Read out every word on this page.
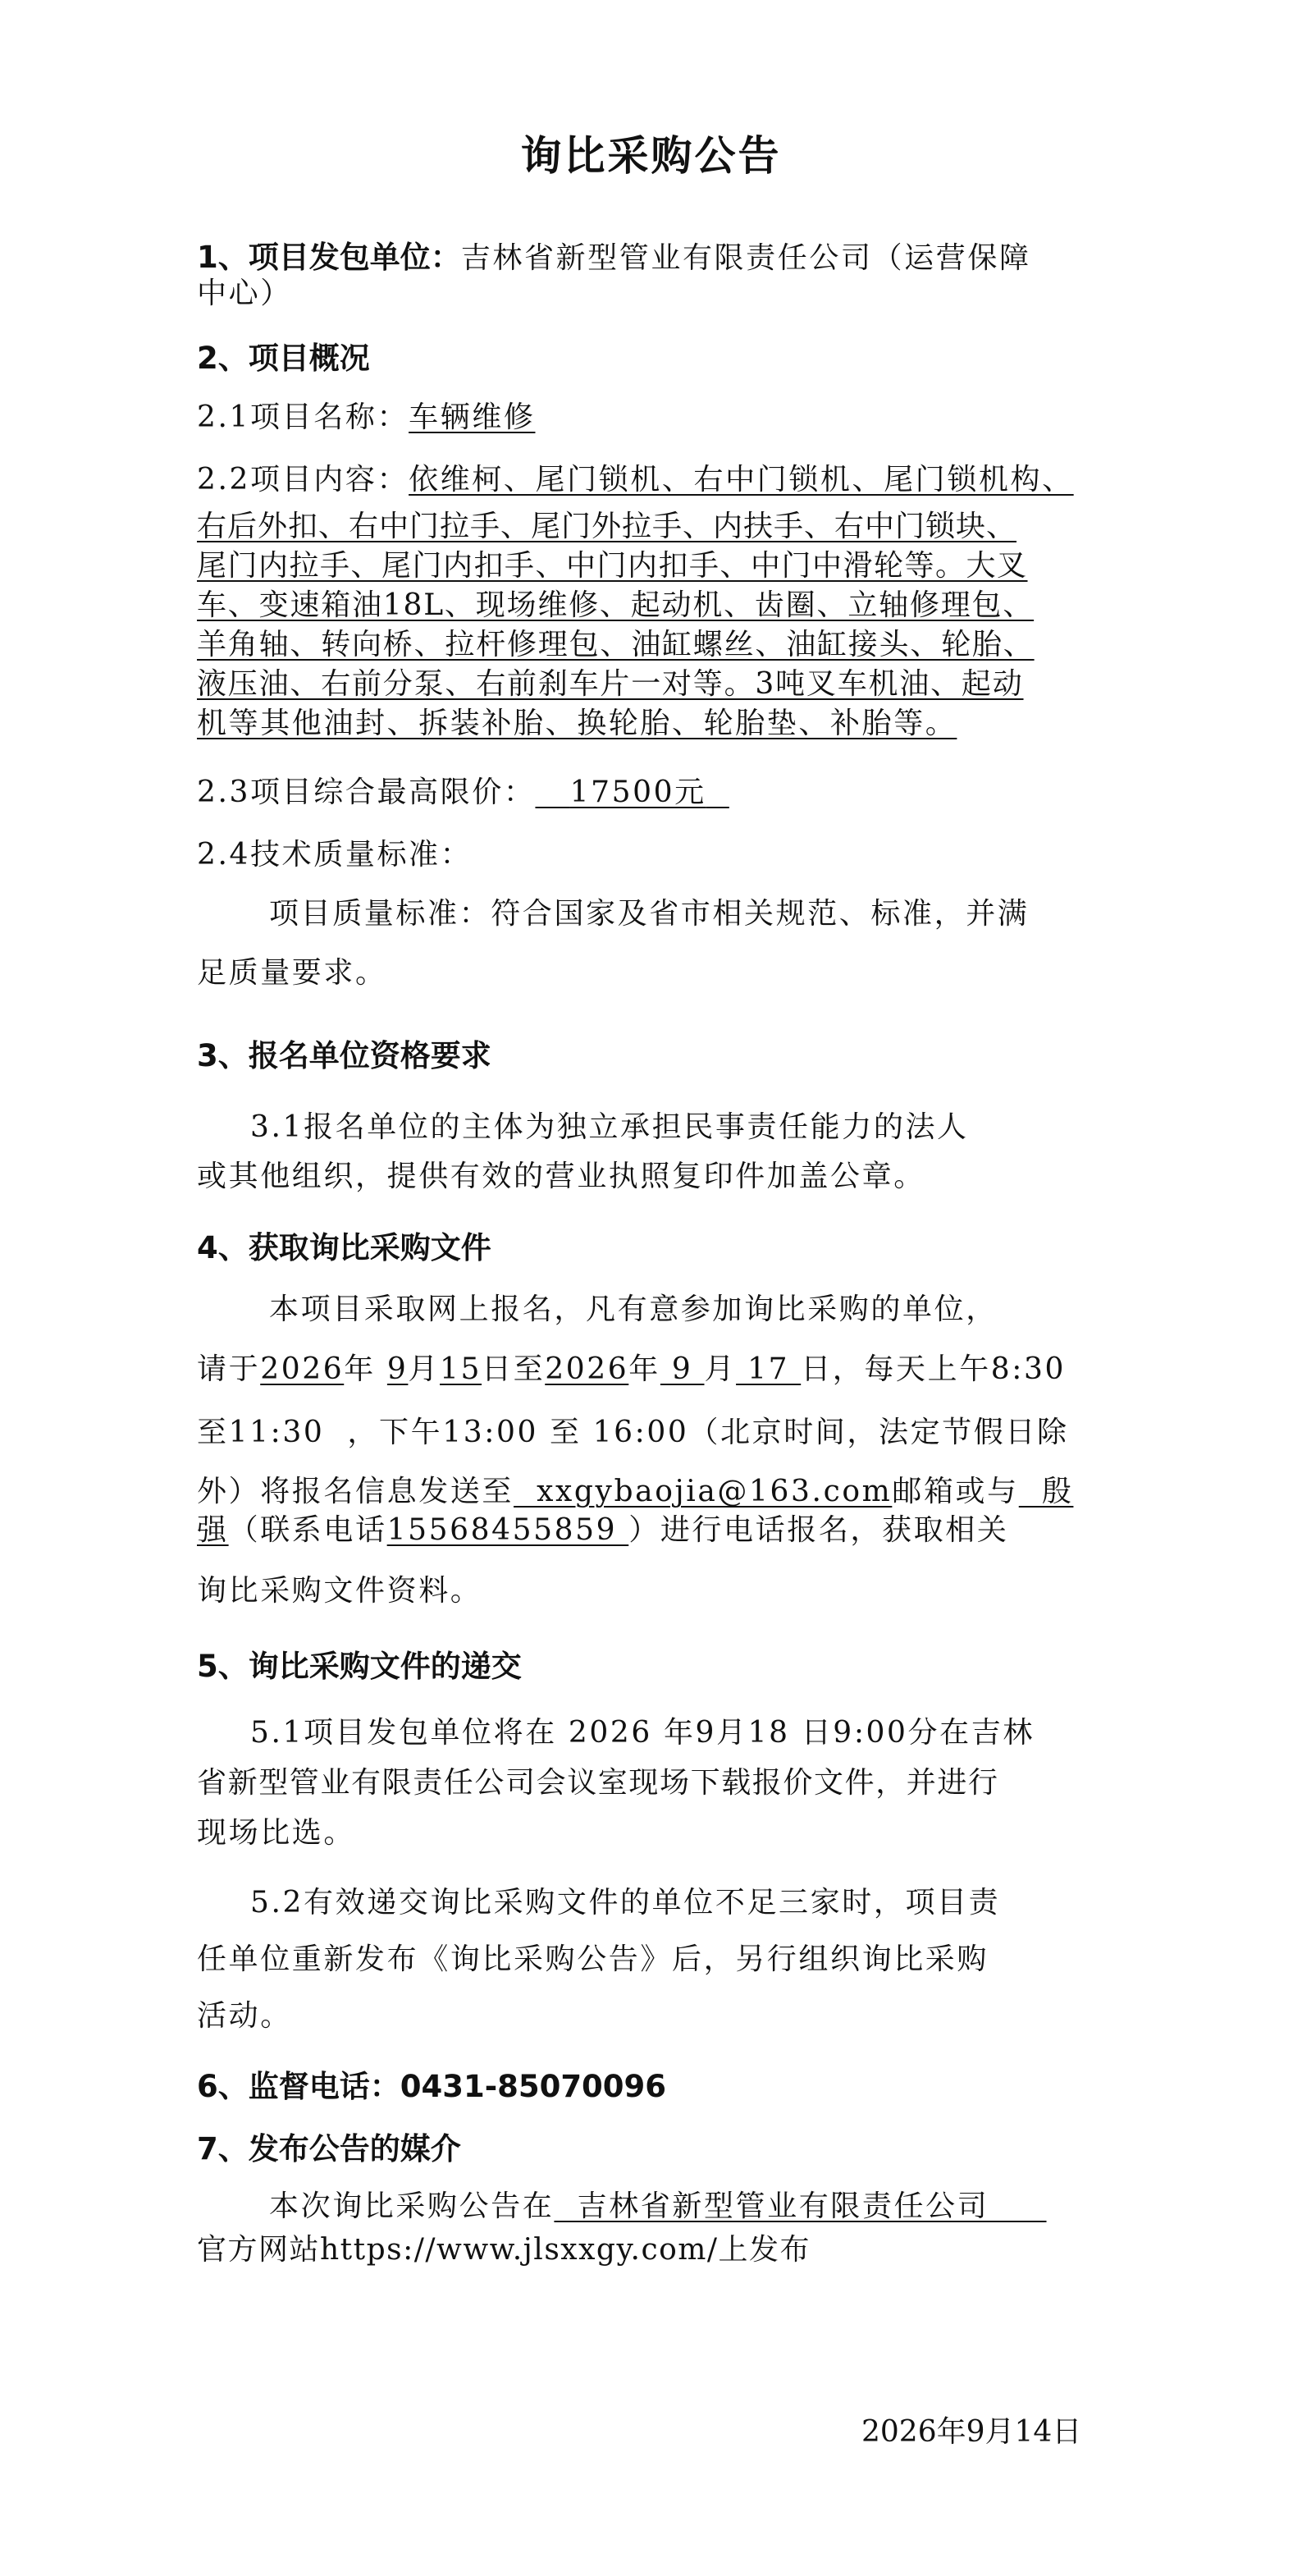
询比采购公告
1、项目发包单位：吉林省新型管业有限责任公司（运营保障
中心）
2、项目概况
2.1项目名称：车辆维修
2.2项目内容：依维柯、尾门锁机、右中门锁机、尾门锁机构、
右后外扣、右中门拉手、尾门外拉手、内扶手、右中门锁块、
尾门内拉手、尾门内扣手、中门内扣手、中门中滑轮等。大叉
车、变速箱油18L、现场维修、起动机、齿圈、立轴修理包、
羊角轴、转向桥、拉杆修理包、油缸螺丝、油缸接头、轮胎、
液压油、右前分泵、右前刹车片一对等。3吨叉车机油、起动
机等其他油封、拆装补胎、换轮胎、轮胎垫、补胎等。
2.3项目综合最高限价： 17500元
2.4技术质量标准：
项目质量标准：符合国家及省市相关规范、标准，并满
足质量要求。
3、报名单位资格要求
3.1报名单位的主体为独立承担民事责任能力的法人
或其他组织，提供有效的营业执照复印件加盖公章。
4、获取询比采购文件
本项目采取网上报名，凡有意参加询比采购的单位，
请于2026年 9月15日至2026年 9 月 17 日，每天上午8:30
至11:30  ，下午13:00 至 16:00（北京时间，法定节假日除
外）将报名信息发送至  xxgybaojia@163.com邮箱或与  殷
强（联系电话15568455859 ）进行电话报名，获取相关
询比采购文件资料。
5、询比采购文件的递交
5.1项目发包单位将在 2026 年9月18 日9:00分在吉林
省新型管业有限责任公司会议室现场下载报价文件，并进行
现场比选。
5.2有效递交询比采购文件的单位不足三家时，项目责
任单位重新发布《询比采购公告》后，另行组织询比采购
活动。
6、监督电话：0431-85070096
7、发布公告的媒介
本次询比采购公告在  吉林省新型管业有限责任公司
官方网站https://www.jlsxxgy.com/上发布
2026年9月14日
